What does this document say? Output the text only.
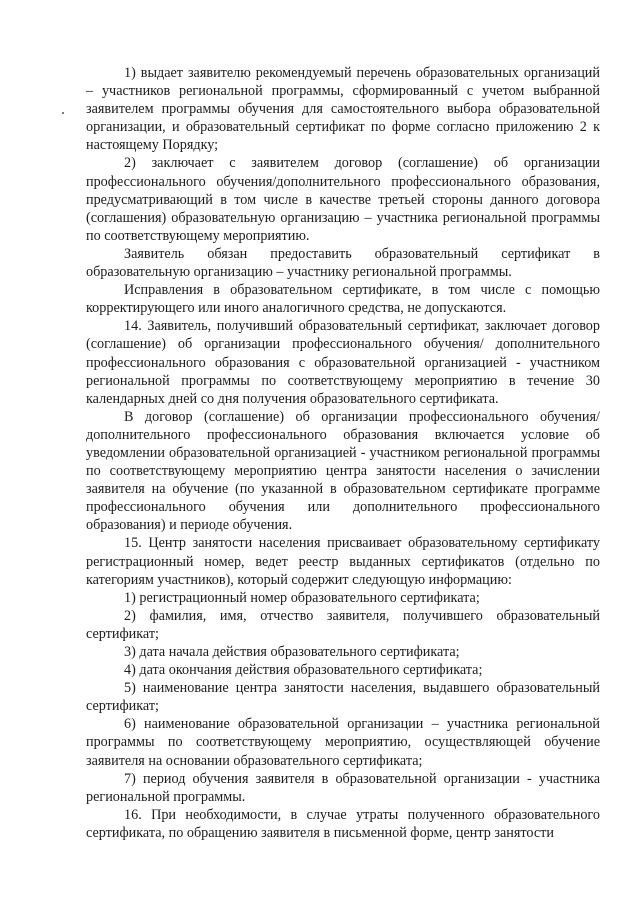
1) выдает заявителю рекомендуемый перечень образовательных организаций – участников региональной программы, сформированный с учетом выбранной заявителем программы обучения для самостоятельного выбора образовательной организации, и образовательный сертификат по форме согласно приложению 2 к настоящему Порядку;

2) заключает с заявителем договор (соглашение) об организации профессионального обучения/дополнительного профессионального образования, предусматривающий в том числе в качестве третьей стороны данного договора (соглашения) образовательную организацию – участника региональной программы по соответствующему мероприятию.

Заявитель обязан предоставить образовательный сертификат в образовательную организацию – участнику региональной программы.

Исправления в образовательном сертификате, в том числе с помощью корректирующего или иного аналогичного средства, не допускаются.

14. Заявитель, получивший образовательный сертификат, заключает договор (соглашение) об организации профессионального обучения/ дополнительного профессионального образования с образовательной организацией - участником региональной программы по соответствующему мероприятию в течение 30 календарных дней со дня получения образовательного сертификата.

В договор (соглашение) об организации профессионального обучения/ дополнительного профессионального образования включается условие об уведомлении образовательной организацией - участником региональной программы по соответствующему мероприятию центра занятости населения о зачислении заявителя на обучение (по указанной в образовательном сертификате программе профессионального обучения или дополнительного профессионального образования) и периоде обучения.

15. Центр занятости населения присваивает образовательному сертификату регистрационный номер, ведет реестр выданных сертификатов (отдельно по категориям участников), который содержит следующую информацию:

1) регистрационный номер образовательного сертификата;

2) фамилия, имя, отчество заявителя, получившего образовательный сертификат;

3) дата начала действия образовательного сертификата;

4) дата окончания действия образовательного сертификата;

5) наименование центра занятости населения, выдавшего образовательный сертификат;

6) наименование образовательной организации – участника региональной программы по соответствующему мероприятию, осуществляющей обучение заявителя на основании образовательного сертификата;

7) период обучения заявителя в образовательной организации - участника региональной программы.

16. При необходимости, в случае утраты полученного образовательного сертификата, по обращению заявителя в письменной форме, центр занятости
